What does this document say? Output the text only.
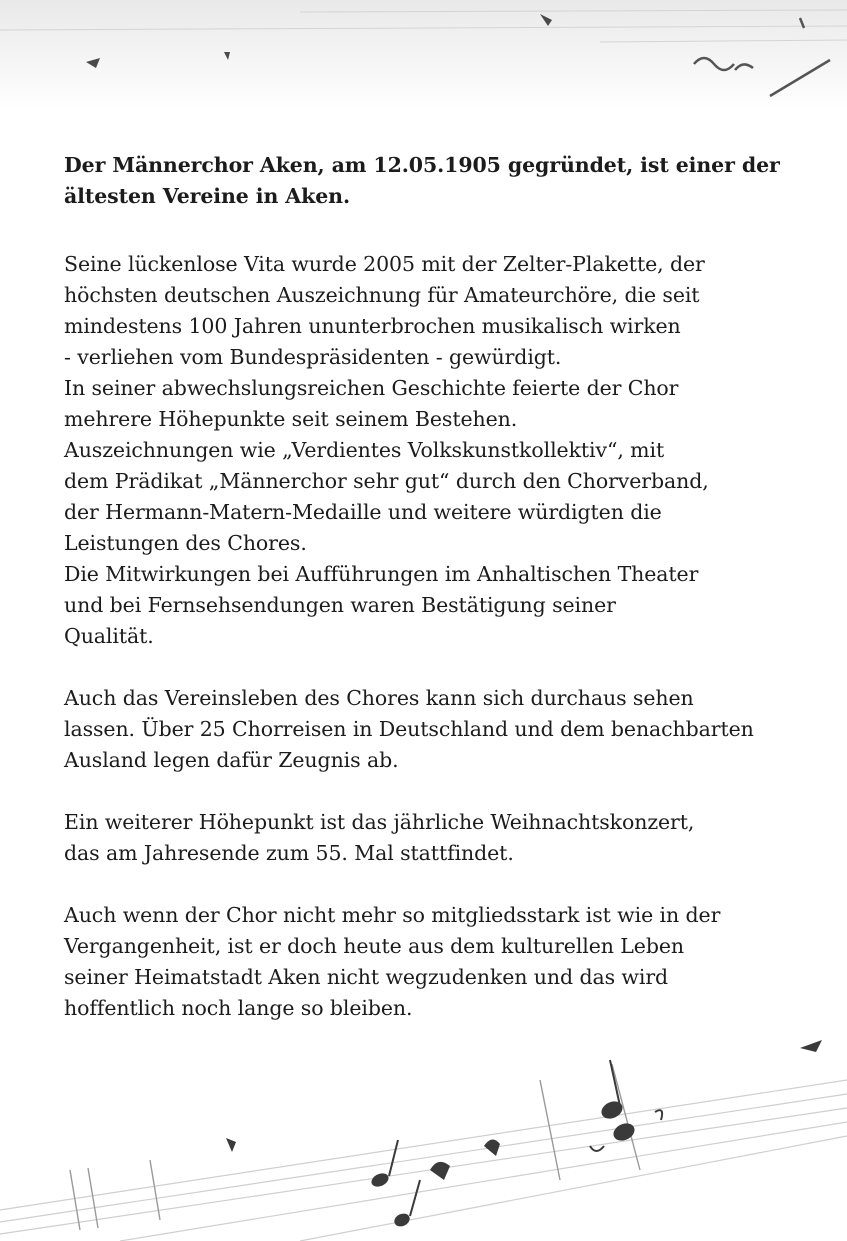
Der Männerchor Aken, am 12.05.1905 gegründet, ist einer der
ältesten Vereine in Aken.

Seine lückenlose Vita wurde 2005 mit der Zelter-Plakette, der
höchsten deutschen Auszeichnung für Amateurchöre, die seit
mindestens 100 Jahren ununterbrochen musikalisch wirken
- verliehen vom Bundespräsidenten - gewürdigt.
In seiner abwechslungsreichen Geschichte feierte der Chor
mehrere Höhepunkte seit seinem Bestehen.
Auszeichnungen wie „Verdientes Volkskunstkollektiv“, mit
dem Prädikat „Männerchor sehr gut“ durch den Chorverband,
der Hermann-Matern-Medaille und weitere würdigten die
Leistungen des Chores.
Die Mitwirkungen bei Aufführungen im Anhaltischen Theater
und bei Fernsehsendungen waren Bestätigung seiner
Qualität.

Auch das Vereinsleben des Chores kann sich durchaus sehen
lassen. Über 25 Chorreisen in Deutschland und dem benachbarten
Ausland legen dafür Zeugnis ab.

Ein weiterer Höhepunkt ist das jährliche Weihnachtskonzert,
das am Jahresende zum 55. Mal stattfindet.

Auch wenn der Chor nicht mehr so mitgliedsstark ist wie in der
Vergangenheit, ist er doch heute aus dem kulturellen Leben
seiner Heimatstadt Aken nicht wegzudenken und das wird
hoffentlich noch lange so bleiben.
